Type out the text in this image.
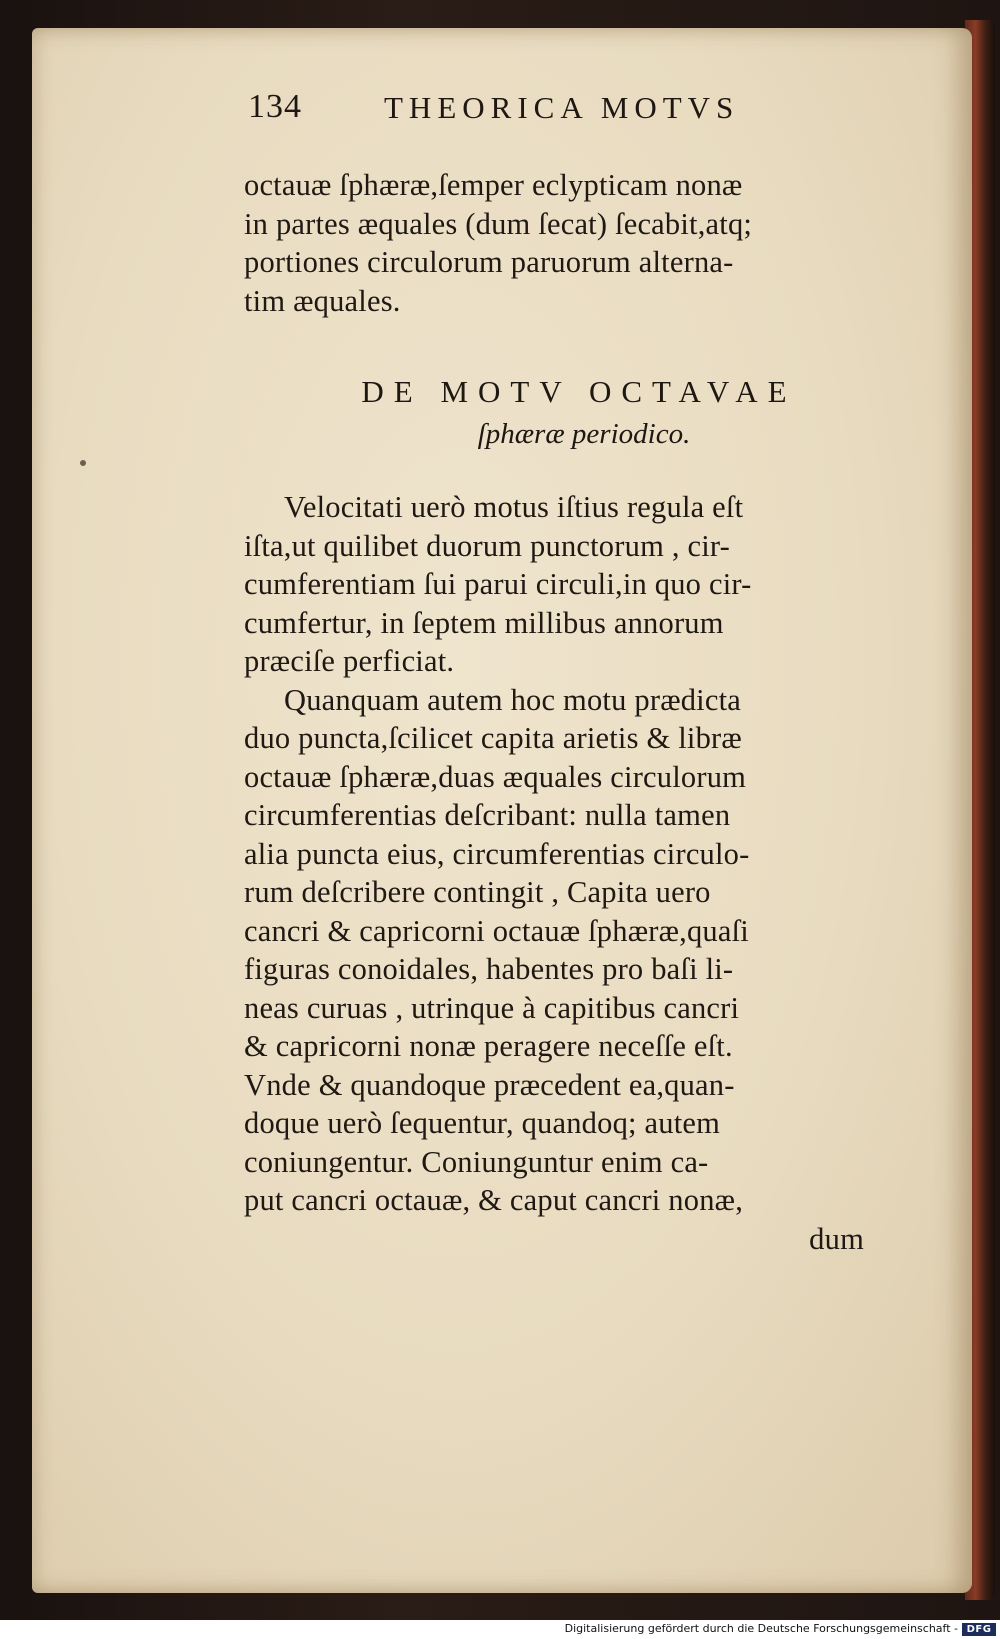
134	THEORICA MOTVS
octauæ ſphæræ,ſemper eclypticam nonæ
in partes æquales (dum ſecat) ſecabit,atq;
portiones circulorum paruorum alterna-
tim æquales.
DE MOTV OCTAVAE
ſphæræ periodico.
Velocitati uerò motus iſtius regula eſt
iſta,ut quilibet duorum punctorum , cir-
cumferentiam ſui parui circuli,in quo cir-
cumfertur, in ſeptem millibus annorum
præciſe perficiat.
Quanquam autem hoc motu prædicta
duo puncta,ſcilicet capita arietis & libræ
octauæ ſphæræ,duas æquales circulorum
circumferentias deſcribant: nulla tamen
alia puncta eius, circumferentias circulo-
rum deſcribere contingit , Capita uero
cancri & capricorni octauæ ſphæræ,quaſi
figuras conoidales, habentes pro baſi li-
neas curuas , utrinque à capitibus cancri
& capricorni nonæ peragere neceſſe eſt.
Vnde & quandoque præcedent ea,quan-
doque uerò ſequentur, quandoq; autem
coniungentur. Coniunguntur enim ca-
put cancri octauæ, & caput cancri nonæ,
dum
Digitalisierung gefördert durch die Deutsche Forschungsgemeinschaft - DFG
